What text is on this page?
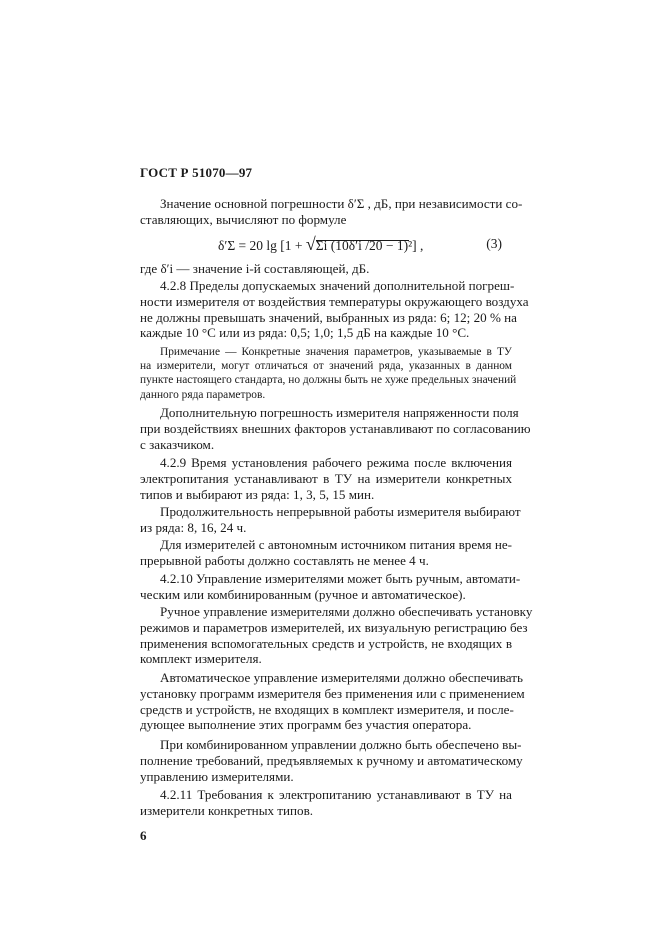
ГОСТ Р 51070—97
Значение основной погрешности δ′Σ , дБ, при независимости со-
ставляющих, вычисляют по формуле
δ′Σ = 20 lg [1 + √
Σi (10δ′i /20 − 1)²] ,	(3)
где δ′i — значение i-й составляющей, дБ.
4.2.8 Пределы допускаемых значений дополнительной погреш-
ности измерителя от воздействия температуры окружающего воздуха
не должны превышать значений, выбранных из ряда: 6; 12; 20 % на
каждые 10 °С или из ряда: 0,5; 1,0; 1,5 дБ на каждые 10 °С.
Примечание — Конкретные значения параметров, указываемые в ТУ
на измерители, могут отличаться от значений ряда, указанных в данном
пункте настоящего стандарта, но должны быть не хуже предельных значений
данного ряда параметров.
Дополнительную погрешность измерителя напряженности поля
при воздействиях внешних факторов устанавливают по согласованию
с заказчиком.
4.2.9 Время установления рабочего режима после включения
электропитания устанавливают в ТУ на измерители конкретных
типов и выбирают из ряда: 1, 3, 5, 15 мин.
Продолжительность непрерывной работы измерителя выбирают
из ряда: 8, 16, 24 ч.
Для измерителей с автономным источником питания время не-
прерывной работы должно составлять не менее 4 ч.
4.2.10 Управление измерителями может быть ручным, автомати-
ческим или комбинированным (ручное и автоматическое).
Ручное управление измерителями должно обеспечивать установку
режимов и параметров измерителей, их визуальную регистрацию без
применения вспомогательных средств и устройств, не входящих в
комплект измерителя.
Автоматическое управление измерителями должно обеспечивать
установку программ измерителя без применения или с применением
средств и устройств, не входящих в комплект измерителя, и после-
дующее выполнение этих программ без участия оператора.
При комбинированном управлении должно быть обеспечено вы-
полнение требований, предъявляемых к ручному и автоматическому
управлению измерителями.
4.2.11 Требования к электропитанию устанавливают в ТУ на
измерители конкретных типов.
6
